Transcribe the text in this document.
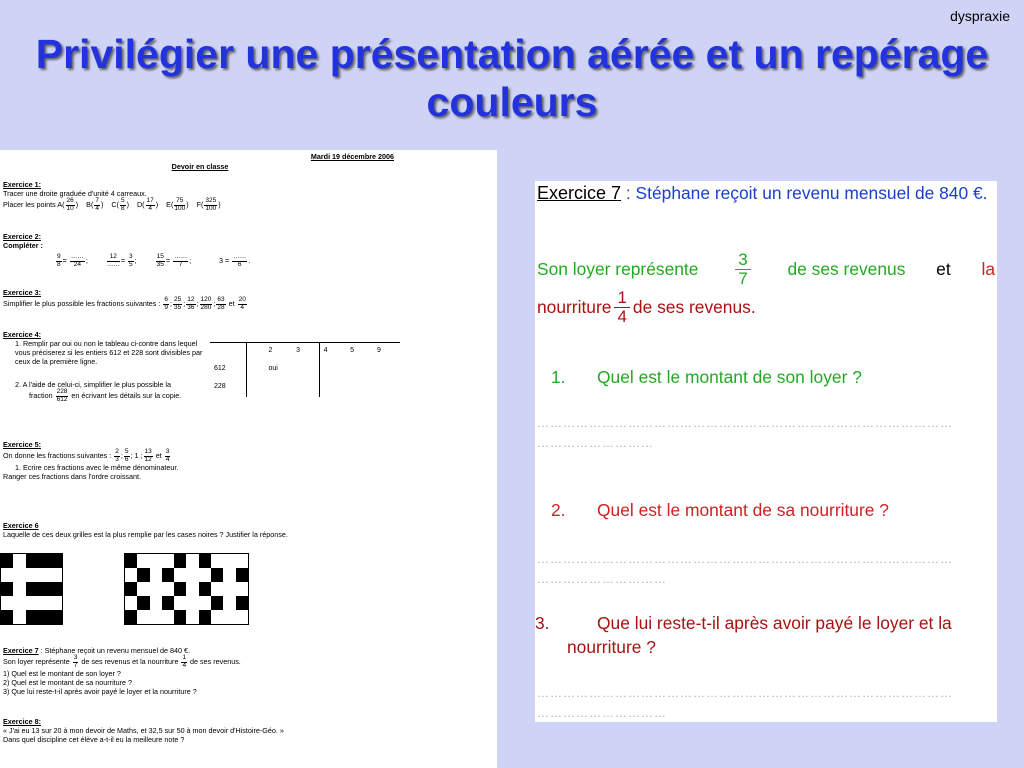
dyspraxie
Privilégier une présentation aérée et un repérage couleurs
Mardi 19 décembre 2006
Devoir en classe
Exercice 1:
Tracer une droite graduée d'unité 4 carreaux.
Placer les points $A( \frac{26}{10}$ )    $B( \frac{7}{4}$ )    $C( \frac{5}{8}$ )    $D( \frac{17}{4}$ )    $E( \frac{75}{100}$ )    $F( \frac{325}{100}$ )
Exercice 2:
Compléter :
$\frac{9}{8} = \frac{\dots\dots}{24}$ ; $\frac{12}{\dots\dots} = \frac{3}{5}$ ; $\frac{15}{35} = \frac{\dots\dots}{7}$ ;              $3 = \frac{\dots\dots}{6}$ .
Exercice 3:
Simplifier le plus possible les fractions suivantes : $\frac{6}{9}$ ; $\frac{25}{35}$ ; $\frac{12}{36}$ ; $\frac{120}{280}$ ; $\frac{63}{28}$ et $\frac{20}{4}$
Exercice 4:
1. Remplir par oui ou non le tableau ci-contre dans lequel vous préciserez si les entiers 612 et 228 sont divisibles par ceux de la première ligne.
2. A l'aide de celui-ci, simplifier le plus possible la
fraction $\frac{228}{612}$ en écrivant les détails sur la copie.
		2	3	4	5	9
612		oui				
228						
Exercice 5:
On donne les fractions suivantes : $\frac{2}{3}$ ; $\frac{5}{6}$ ; 1 ; $\frac{13}{12}$ et $\frac{3}{4}$

1. Ecrire ces fractions avec le même dénominateur.
Ranger ces fractions dans l'ordre croissant.
Exercice 6
Laquelle de ces deux grilles est la plus remplie par les cases noires ? Justifier la réponse.
Exercice 7 : Stéphane reçoit un revenu mensuel de 840 €.
Son loyer représente $\frac{3}{7}$ de ses revenus et la nourriture $\frac{1}{4}$ de ses revenus.
1) Quel est le montant de son loyer ?
2) Quel est le montant de sa nourriture ?
3) Que lui reste-t-il après avoir payé le loyer et la nourriture ?
Exercice 8:
« J'ai eu 13 sur 20 à mon devoir de Maths, et 32,5 sur 50 à mon devoir d'Histoire-Géo. »
Dans quel discipline cet élève a-t-il eu la meilleure note ?
Exercice 7 : Stéphane reçoit un revenu mensuel de 840 €.
Son loyer représente 3
7 de ses revenus et la
nourriture 1
4 de ses revenus .
1. Quel est le montant de son loyer ?
……………………………………………………………………………………
………………………
2. Quel est le montant de sa nourriture ?
……………………………………………………………………………………
…………………………
3.	Que lui reste-t-il après avoir payé le loyer et la nourriture ?
……………………………………………………………………………………
…………………………
